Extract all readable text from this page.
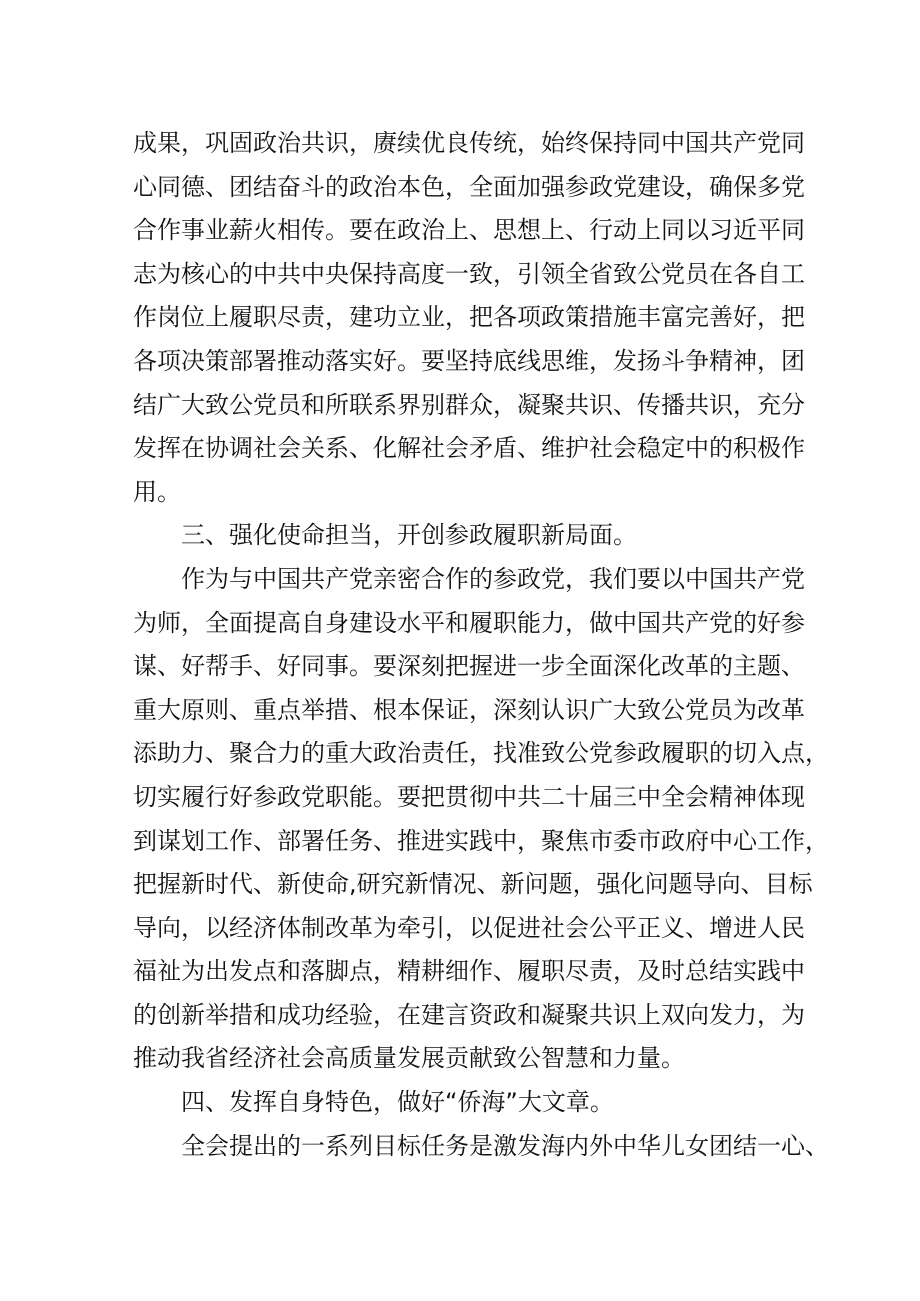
成果，巩固政治共识，赓续优良传统，始终保持同中国共产党同
心同德、团结奋斗的政治本色，全面加强参政党建设，确保多党
合作事业薪火相传。要在政治上、思想上、行动上同以习近平同
志为核心的中共中央保持高度一致，引领全省致公党员在各自工
作岗位上履职尽责，建功立业，把各项政策措施丰富完善好，把
各项决策部署推动落实好。要坚持底线思维，发扬斗争精神，团
结广大致公党员和所联系界别群众，凝聚共识、传播共识，充分
发挥在协调社会关系、化解社会矛盾、维护社会稳定中的积极作
用。
三、强化使命担当，开创参政履职新局面。
作为与中国共产党亲密合作的参政党，我们要以中国共产党
为师，全面提高自身建设水平和履职能力，做中国共产党的好参
谋、好帮手、好同事。要深刻把握进一步全面深化改革的主题、
重大原则、重点举措、根本保证，深刻认识广大致公党员为改革
添助力、聚合力的重大政治责任，找准致公党参政履职的切入点，
切实履行好参政党职能。要把贯彻中共二十届三中全会精神体现
到谋划工作、部署任务、推进实践中，聚焦市委市政府中心工作，
把握新时代、新使命,研究新情况、新问题，强化问题导向、目标
导向，以经济体制改革为牵引，以促进社会公平正义、增进人民
福祉为出发点和落脚点，精耕细作、履职尽责，及时总结实践中
的创新举措和成功经验，在建言资政和凝聚共识上双向发力，为
推动我省经济社会高质量发展贡献致公智慧和力量。
四、发挥自身特色，做好“侨海”大文章。
全会提出的一系列目标任务是激发海内外中华儿女团结一心、
